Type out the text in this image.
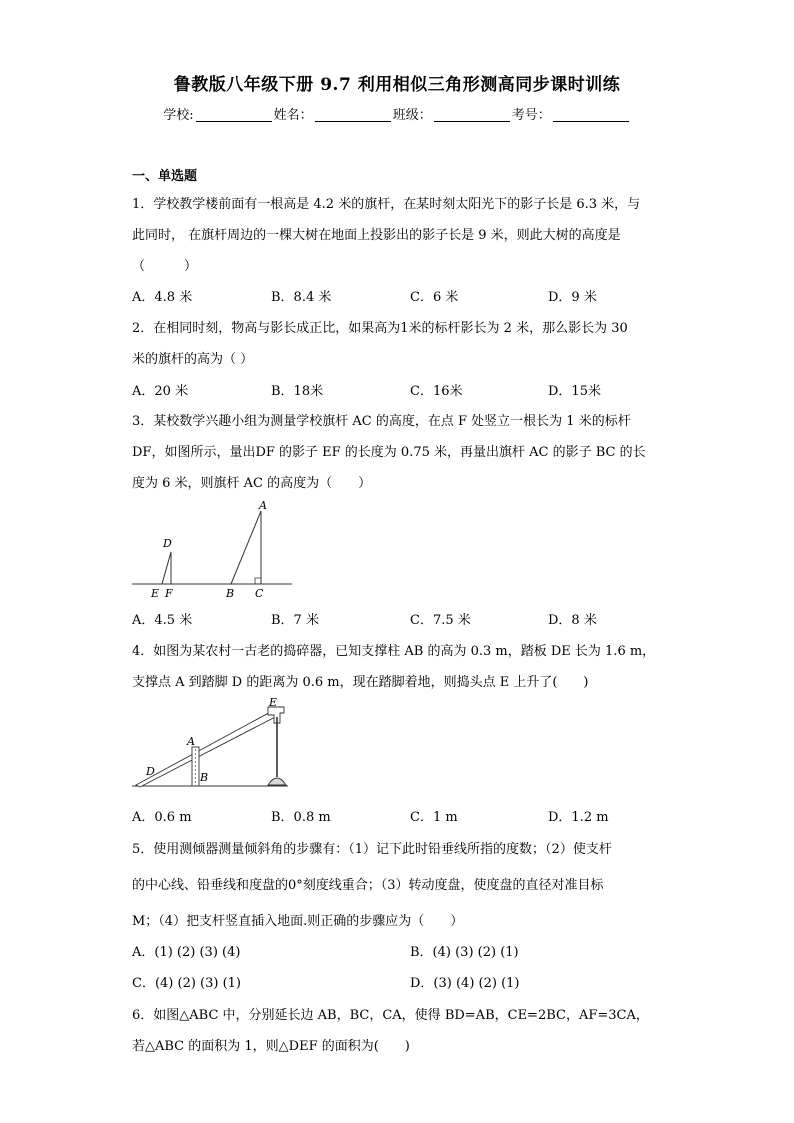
鲁教版八年级下册 9.7 利用相似三角形测高同步课时训练
学校:	姓名：	班级：	考号：
一、单选题
1．学校教学楼前面有一根高是 4.2 米的旗杆，在某时刻太阳光下的影子长是 6.3 米，与
此同时， 在旗杆周边的一棵大树在地面上投影出的影子长是 9 米，则此大树的高度是
（　　　）
A．4.8 米	B．8.4 米	C．6 米	D．9 米
2．在相同时刻，物高与影长成正比，如果高为1米的标杆影长为 2 米，那么影长为 30
米的旗杆的高为（ ）
A．20 米	B．18米	C．16米	D．15米
3．某校数学兴趣小组为测量学校旗杆 AC 的高度，在点 F 处竖立一根长为 1 米的标杆
DF，如图所示，量出DF 的影子 EF 的长度为 0.75 米，再量出旗杆 AC 的影子 BC 的长
度为 6 米，则旗杆 AC 的高度为（　　）
A
D
E F	B C
A．4.5 米	B．7 米	C．7.5 米	D．8 米
4．如图为某农村一古老的捣碎器，已知支撑柱 AB 的高为 0.3 m，踏板 DE 长为 1.6 m，
支撑点 A 到踏脚 D 的距离为 0.6 m，现在踏脚着地，则捣头点 E 上升了(　　)
A
B
D
E
A．0.6 m	B．0.8 m	C．1 m	D．1.2 m
5．使用测倾器测量倾斜角的步骤有：（1）记下此时铅垂线所指的度数；（2）使支杆
的中心线、铅垂线和度盘的0°刻度线重合；（3）转动度盘，使度盘的直径对准目标
M；（4）把支杆竖直插入地面.则正确的步骤应为（　　）
A．(1) (2) (3) (4)	B．(4) (3) (2) (1)
C．(4) (2) (3) (1)	D．(3) (4) (2) (1)
6．如图△ABC 中，分别延长边 AB，BC，CA，使得 BD=AB，CE=2BC，AF=3CA，
若△ABC 的面积为 1，则△DEF 的面积为(　　)
